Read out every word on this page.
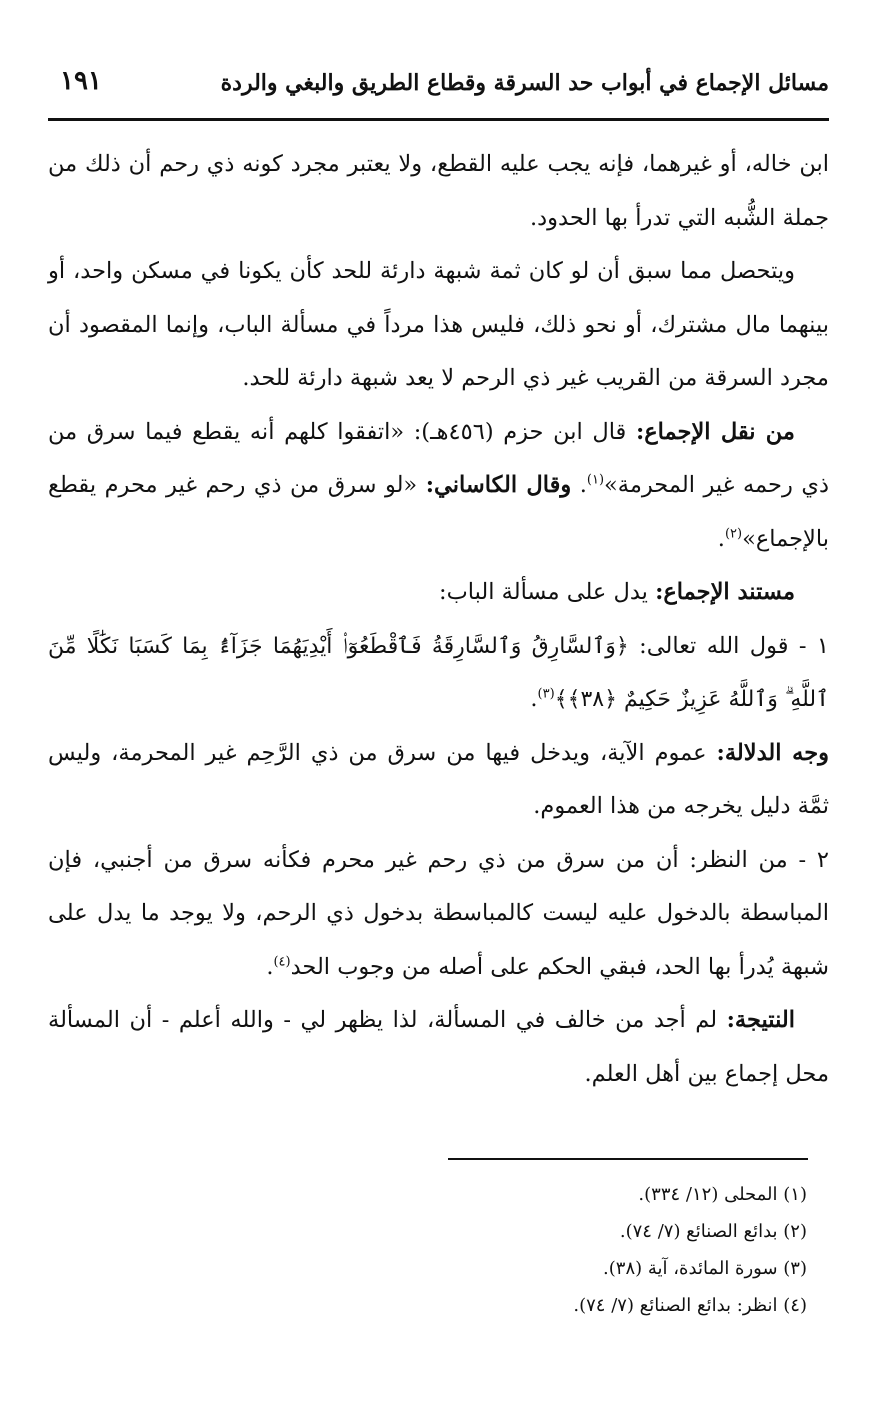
مسائل الإجماع في أبواب حد السرقة وقطاع الطريق والبغي والردة
١٩١

ابن خاله، أو غيرهما، فإنه يجب عليه القطع، ولا يعتبر مجرد كونه ذي رحم أن ذلك من جملة الشُّبه التي تدرأ بها الحدود.

ويتحصل مما سبق أن لو كان ثمة شبهة دارئة للحد كأن يكونا في مسكن واحد، أو بينهما مال مشترك، أو نحو ذلك، فليس هذا مرداً في مسألة الباب، وإنما المقصود أن مجرد السرقة من القريب غير ذي الرحم لا يعد شبهة دارئة للحد.

من نقل الإجماع: قال ابن حزم (٤٥٦هـ): «اتفقوا كلهم أنه يقطع فيما سرق من ذي رحمه غير المحرمة»$^{(١)}$. وقال الكاساني: «لو سرق من ذي رحم غير محرم يقطع بالإجماع»$^{(٢)}$.

مستند الإجماع: يدل على مسألة الباب:

١ - قول الله تعالى: ﴿وَٱلسَّارِقُ وَٱلسَّارِقَةُ فَٱقْطَعُوٓا۟ أَيْدِيَهُمَا جَزَآءًۢ بِمَا كَسَبَا نَكَٰلًا مِّنَ ٱللَّهِ ۗ وَٱللَّهُ عَزِيزٌ حَكِيمٌ ﴿٣٨﴾﴾$^{(٣)}$.

وجه الدلالة: عموم الآية، ويدخل فيها من سرق من ذي الرَّحِم غير المحرمة، وليس ثمَّة دليل يخرجه من هذا العموم.

٢ - من النظر: أن من سرق من ذي رحم غير محرم فكأنه سرق من أجنبي، فإن المباسطة بالدخول عليه ليست كالمباسطة بدخول ذي الرحم، ولا يوجد ما يدل على شبهة يُدرأ بها الحد، فبقي الحكم على أصله من وجوب الحد$^{(٤)}$.

النتيجة: لم أجد من خالف في المسألة، لذا يظهر لي - والله أعلم - أن المسألة محل إجماع بين أهل العلم.

(١) المحلى (١٢/ ٣٣٤).
(٢) بدائع الصنائع (٧/ ٧٤).
(٣) سورة المائدة، آية (٣٨).
(٤) انظر: بدائع الصنائع (٧/ ٧٤).
